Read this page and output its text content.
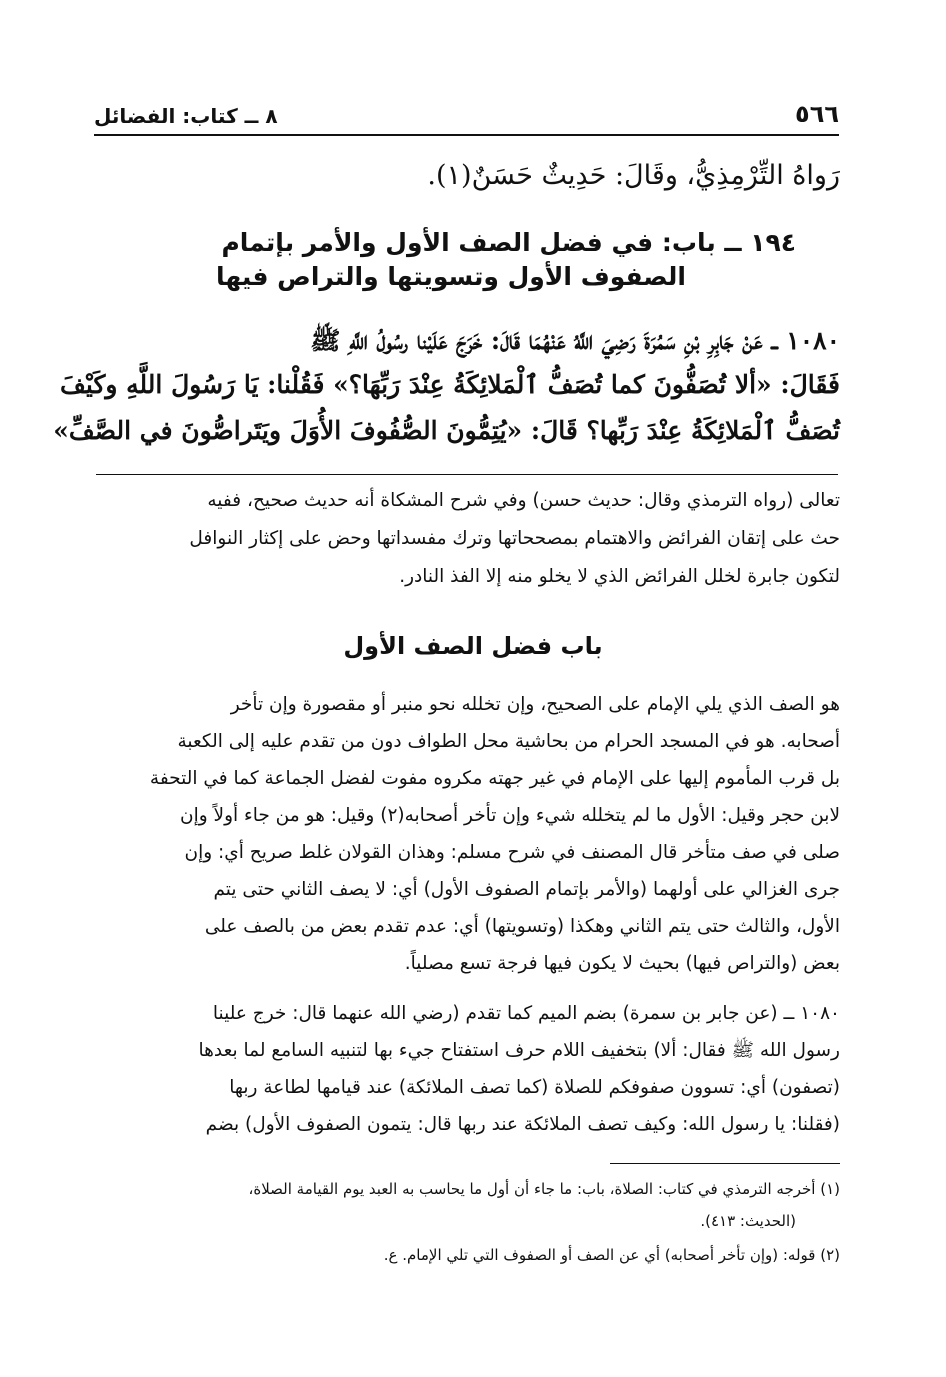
٥٦٦
٨ ــ كتاب: الفضائل
رَواهُ التِّرْمِذِيُّ، وقَالَ: حَدِيثٌ حَسَنٌ(١).
١٩٤ ــ باب: في فضل الصف الأول والأمر بإتمام
الصفوف الأول وتسويتها والتراص فيها
١٠٨٠ ــ عَنْ جَابِرِ بْنِ سَمُرَةَ رَضِيَ اللَّهُ عَنْهُمَا قَالَ: خَرَجَ عَلَيْنا رسُولُ اللَّهِ ﷺ
فَقَالَ: «ألا تُصَفُّونَ كما تُصَفُّ ٱلْمَلائِكَةُ عِنْدَ رَبِّهَا؟» فَقُلْنا: يَا رَسُولَ اللَّهِ وكَيْفَ
تُصَفُّ ٱلْمَلائِكَةُ عِنْدَ رَبِّها؟ قَالَ: «يُتِمُّونَ الصُّفُوفَ الأُوَلَ ويَتَراصُّونَ في الصَّفِّ»
تعالى (رواه الترمذي وقال: حديث حسن) وفي شرح المشكاة أنه حديث صحيح، ففيه
حث على إتقان الفرائض والاهتمام بمصححاتها وترك مفسداتها وحض على إكثار النوافل
لتكون جابرة لخلل الفرائض الذي لا يخلو منه إلا الفذ النادر.
باب فضل الصف الأول
هو الصف الذي يلي الإمام على الصحيح، وإن تخلله نحو منبر أو مقصورة وإن تأخر
أصحابه. هو في المسجد الحرام من بحاشية محل الطواف دون من تقدم عليه إلى الكعبة
بل قرب المأموم إليها على الإمام في غير جهته مكروه مفوت لفضل الجماعة كما في التحفة
لابن حجر وقيل: الأول ما لم يتخلله شيء وإن تأخر أصحابه(٢) وقيل: هو من جاء أولاً وإن
صلى في صف متأخر قال المصنف في شرح مسلم: وهذان القولان غلط صريح أي: وإن
جرى الغزالي على أولهما (والأمر بإتمام الصفوف الأول) أي: لا يصف الثاني حتى يتم
الأول، والثالث حتى يتم الثاني وهكذا (وتسويتها) أي: عدم تقدم بعض من بالصف على
بعض (والتراص فيها) بحيث لا يكون فيها فرجة تسع مصلياً.
١٠٨٠ ــ (عن جابر بن سمرة) بضم الميم كما تقدم (رضي الله عنهما قال: خرج علينا
رسول الله ﷺ فقال: ألا) بتخفيف اللام حرف استفتاح جيء بها لتنبيه السامع لما بعدها
(تصفون) أي: تسوون صفوفكم للصلاة (كما تصف الملائكة) عند قيامها لطاعة ربها
(فقلنا: يا رسول الله: وكيف تصف الملائكة عند ربها قال: يتمون الصفوف الأول) بضم
(١) أخرجه الترمذي في كتاب: الصلاة، باب: ما جاء أن أول ما يحاسب به العبد يوم القيامة الصلاة،
(الحديث: ٤١٣).
(٢) قوله: (وإن تأخر أصحابه) أي عن الصف أو الصفوف التي تلي الإمام. ع.
